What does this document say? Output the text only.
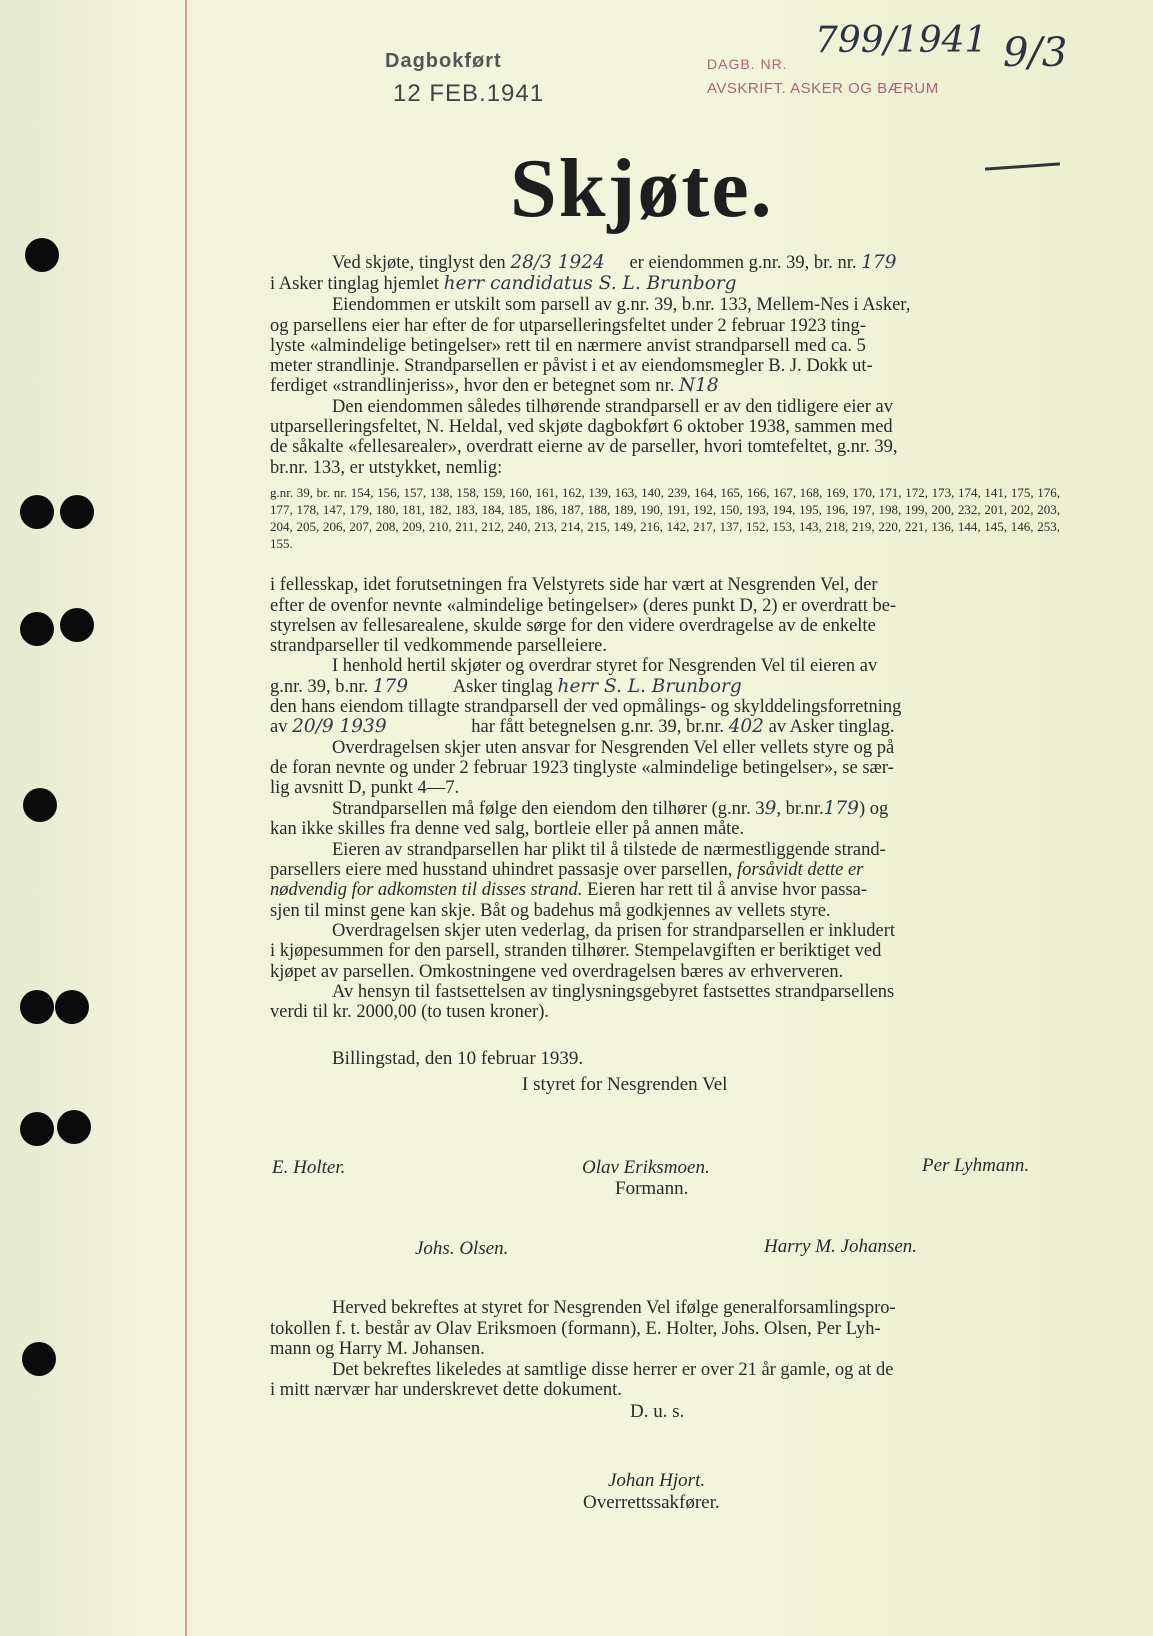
Dagbokført
12 FEB.1941
DAGB. NR.
AVSKRIFT. ASKER OG BÆRUM
799/1941 9/3
Skjøte.
Ved skjøte, tinglyst den 28/3 1924 er eiendommen g.nr. 39, br. nr. 179
i Asker tinglag hjemlet herr candidatus S. L. Brunborg
Eiendommen er utskilt som parsell av g.nr. 39, b.nr. 133, Mellem-Nes i Asker,
og parsellens eier har efter de for utparselleringsfeltet under 2 februar 1923 ting-
lyste «almindelige betingelser» rett til en nærmere anvist strandparsell med ca. 5
meter strandlinje. Strandparsellen er påvist i et av eiendomsmegler B. J. Dokk ut-
ferdiget «strandlinjeriss», hvor den er betegnet som nr. N18
Den eiendommen således tilhørende strandparsell er av den tidligere eier av
utparselleringsfeltet, N. Heldal, ved skjøte dagbokført 6 oktober 1938, sammen med
de såkalte «fellesarealer», overdratt eierne av de parseller, hvori tomtefeltet, g.nr. 39,
br.nr. 133, er utstykket, nemlig:
g.nr. 39, br. nr. 154, 156, 157, 138, 158, 159, 160, 161, 162, 139, 163, 140, 239, 164, 165, 166, 167, 168, 169, 170, 171, 172, 173, 174, 141, 175, 176, 177, 178, 147, 179, 180, 181, 182, 183, 184, 185, 186, 187, 188, 189, 190, 191, 192, 150, 193, 194, 195, 196, 197, 198, 199, 200, 232, 201, 202, 203, 204, 205, 206, 207, 208, 209, 210, 211, 212, 240, 213, 214, 215, 149, 216, 142, 217, 137, 152, 153, 143, 218, 219, 220, 221, 136, 144, 145, 146, 253, 155.
i fellesskap, idet forutsetningen fra Velstyrets side har vært at Nesgrenden Vel, der
efter de ovenfor nevnte «almindelige betingelser» (deres punkt D, 2) er overdratt be-
styrelsen av fellesarealene, skulde sørge for den videre overdragelse av de enkelte
strandparseller til vedkommende parselleiere.
I henhold hertil skjøter og overdrar styret for Nesgrenden Vel til eieren av
g.nr. 39, b.nr. 179 Asker tinglag herr S. L. Brunborg
den hans eiendom tillagte strandparsell der ved opmålings- og skylddelingsforretning
av 20/9 1939	har fått betegnelsen g.nr. 39, br.nr. 402 av Asker tinglag.
Overdragelsen skjer uten ansvar for Nesgrenden Vel eller vellets styre og på
de foran nevnte og under 2 februar 1923 tinglyste «almindelige betingelser», se sær-
lig avsnitt D, punkt 4—7.
Strandparsellen må følge den eiendom den tilhører (g.nr. 39, br.nr.179) og
kan ikke skilles fra denne ved salg, bortleie eller på annen måte.
Eieren av strandparsellen har plikt til å tilstede de nærmestliggende strand-
parsellers eiere med husstand uhindret passasje over parsellen, forsåvidt dette er
nødvendig for adkomsten til disses strand. Eieren har rett til å anvise hvor passa-
sjen til minst gene kan skje. Båt og badehus må godkjennes av vellets styre.
Overdragelsen skjer uten vederlag, da prisen for strandparsellen er inkludert
i kjøpesummen for den parsell, stranden tilhører. Stempelavgiften er beriktiget ved
kjøpet av parsellen. Omkostningene ved overdragelsen bæres av erhververen.
Av hensyn til fastsettelsen av tinglysningsgebyret fastsettes strandparsellens
verdi til kr. 2000,00 (to tusen kroner).
Billingstad, den 10 februar 1939.
I styret for Nesgrenden Vel
E. Holter.	Olav Eriksmoen.
Formann.
Per Lyhmann.
Johs. Olsen.	Harry M. Johansen.
Herved bekreftes at styret for Nesgrenden Vel ifølge generalforsamlingspro-
tokollen f. t. består av Olav Eriksmoen (formann), E. Holter, Johs. Olsen, Per Lyh-
mann og Harry M. Johansen.
Det bekreftes likeledes at samtlige disse herrer er over 21 år gamle, og at de
i mitt nærvær har underskrevet dette dokument.
D. u. s.
Johan Hjort.
Overrettssakfører.
